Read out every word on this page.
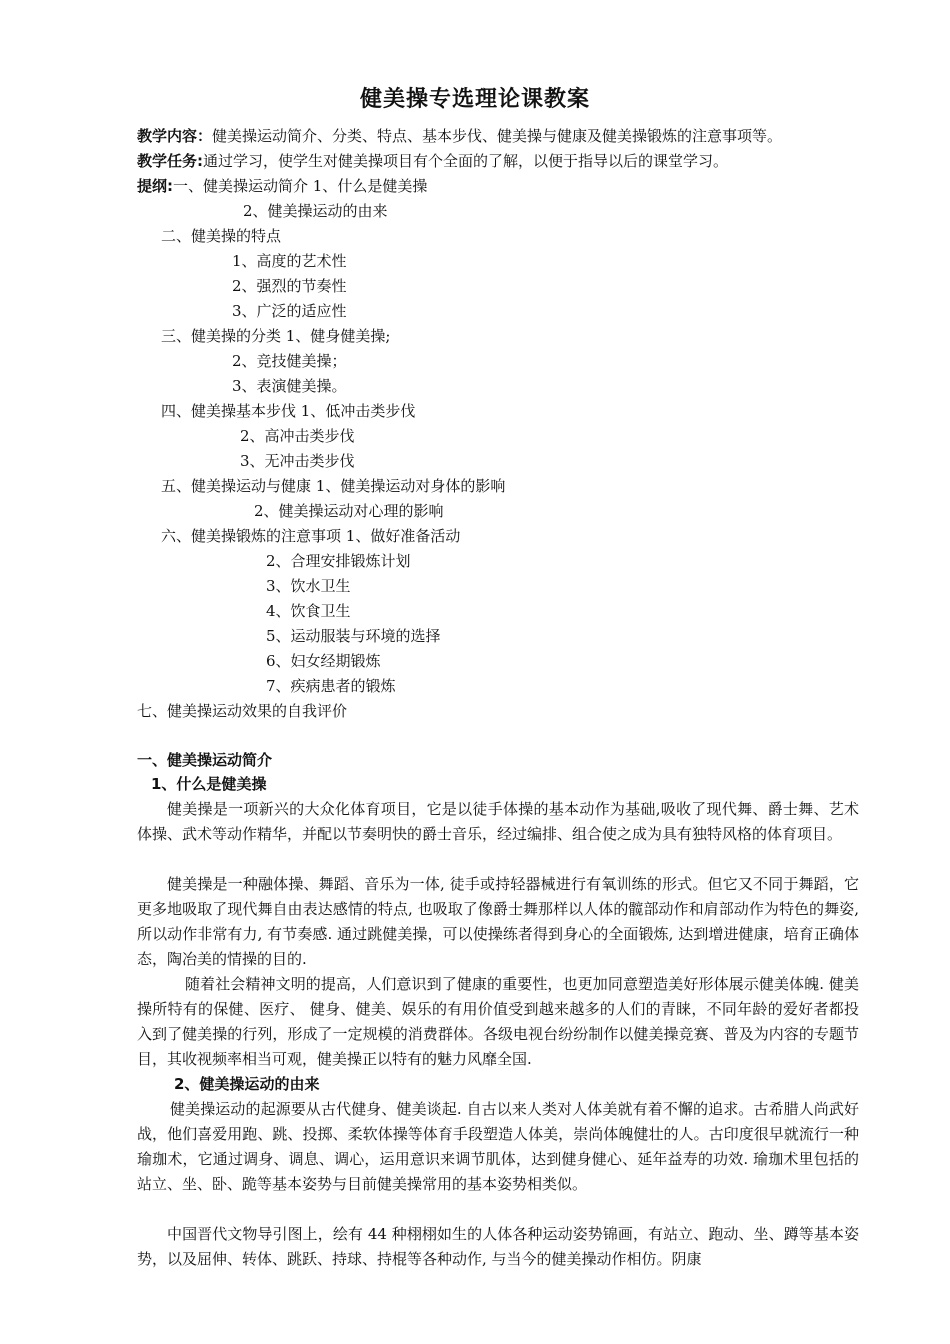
健美操专选理论课教案
教学内容：健美操运动简介、分类、特点、基本步伐、健美操与健康及健美操锻炼的注意事项等。
教学任务:通过学习，使学生对健美操项目有个全面的了解，以便于指导以后的课堂学习。
提纲:一、健美操运动简介 1、什么是健美操
2、健美操运动的由来
二、健美操的特点
1、高度的艺术性
2、强烈的节奏性
3、广泛的适应性
三、健美操的分类 1、健身健美操;
2、竞技健美操；
3、表演健美操。
四、健美操基本步伐 1、低冲击类步伐
2、高冲击类步伐
3、无冲击类步伐
五、健美操运动与健康 1、健美操运动对身体的影响
2、健美操运动对心理的影响
六、健美操锻炼的注意事项 1、做好准备活动
2、合理安排锻炼计划
3、饮水卫生
4、饮食卫生
5、运动服装与环境的选择
6、妇女经期锻炼
7、疾病患者的锻炼
七、健美操运动效果的自我评价
一、健美操运动简介
1、什么是健美操
健美操是一项新兴的大众化体育项目，它是以徒手体操的基本动作为基础,吸收了现代舞、爵士舞、艺术体操、武术等动作精华，并配以节奏明快的爵士音乐，经过编排、组合使之成为具有独特风格的体育项目。
健美操是一种融体操、舞蹈、音乐为一体, 徒手或持轻器械进行有氧训练的形式。但它又不同于舞蹈，它更多地吸取了现代舞自由表达感情的特点, 也吸取了像爵士舞那样以人体的髋部动作和肩部动作为特色的舞姿, 所以动作非常有力, 有节奏感. 通过跳健美操，可以使操练者得到身心的全面锻炼, 达到增进健康，培育正确体态，陶冶美的情操的目的.
随着社会精神文明的提高，人们意识到了健康的重要性，也更加同意塑造美好形体展示健美体魄. 健美操所特有的保健、医疗、 健身、健美、娱乐的有用价值受到越来越多的人们的青睐，不同年龄的爱好者都投入到了健美操的行列，形成了一定规模的消费群体。各级电视台纷纷制作以健美操竞赛、普及为内容的专题节目，其收视频率相当可观，健美操正以特有的魅力风靡全国.
2、健美操运动的由来
健美操运动的起源要从古代健身、健美谈起. 自古以来人类对人体美就有着不懈的追求。古希腊人尚武好战，他们喜爱用跑、跳、投掷、柔软体操等体育手段塑造人体美，崇尚体魄健壮的人。古印度很早就流行一种瑜珈术，它通过调身、调息、调心，运用意识来调节肌体，达到健身健心、延年益寿的功效. 瑜珈术里包括的站立、坐、卧、跪等基本姿势与目前健美操常用的基本姿势相类似。
中国晋代文物导引图上，绘有 44 种栩栩如生的人体各种运动姿势锦画，有站立、跑动、坐、蹲等基本姿势，以及屈伸、转体、跳跃、持球、持棍等各种动作, 与当今的健美操动作相仿。阴康
